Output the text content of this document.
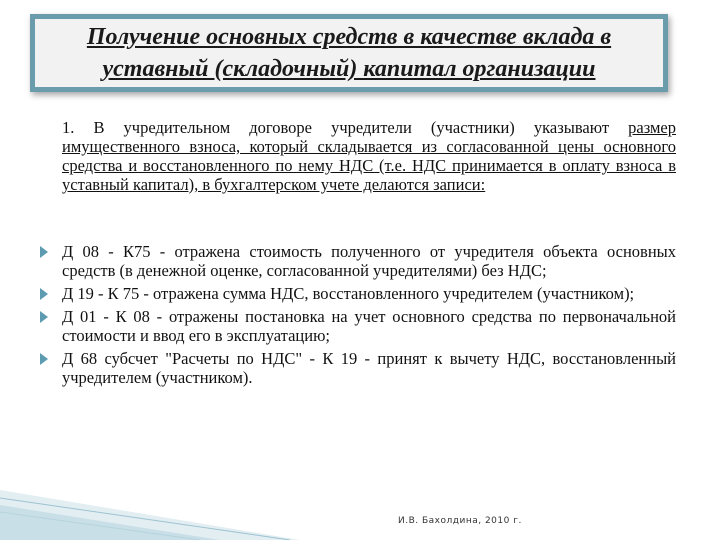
Получение основных средств в качестве вклада в уставный (складочный) капитал организации
1. В учредительном договоре учредители (участники) указывают размер имущественного взноса, который складывается из согласованной цены основного средства и восстановленного по нему НДС (т.е. НДС принимается в оплату взноса в уставный капитал), в бухгалтерском учете делаются записи:
Д 08 - К75 - отражена стоимость полученного от учредителя объекта основных средств (в денежной оценке, согласованной учредителями) без НДС;
Д 19 - К 75 - отражена сумма НДС, восстановленного учредителем (участником);
Д 01 - К 08 - отражены постановка на учет основного средства по первоначальной стоимости и ввод его в эксплуатацию;
Д 68 субсчет "Расчеты по НДС" - К 19 - принят к вычету НДС, восстановленный учредителем (участником).
И.В. Бахолдина, 2010 г.
